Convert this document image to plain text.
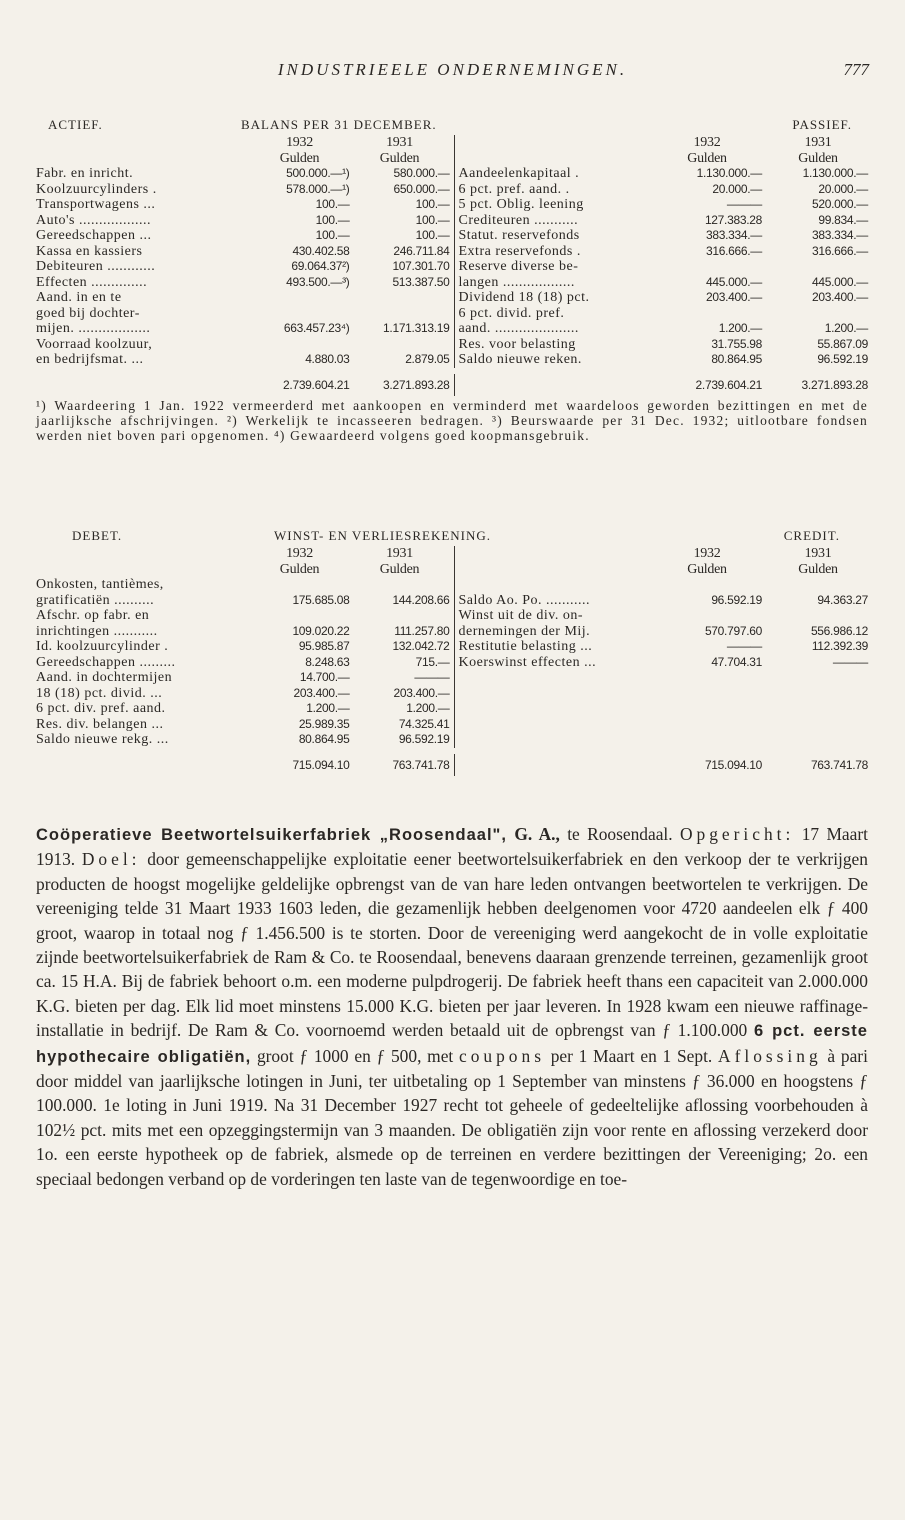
INDUSTRIEELE ONDERNEMINGEN.	777
ACTIEF.	BALANS PER 31 DECEMBER.	PASSIEF.
1932	1931
Gulden	Gulden
Fabr. en inricht.	500.000.—¹)	580.000.—
Koolzuurcylinders .	578.000.—¹)	650.000.—
Transportwagens ...	100.—	100.—
Auto's ..................	100.—	100.—
Gereedschappen ...	100.—	100.—
Kassa en kassiers	430.402.58	246.711.84
Debiteuren ............	69.064.37²)	107.301.70
Effecten ..............	493.500.—³)	513.387.50
Aand. in en te
goed bij dochter-
mijen. ..................	663.457.23⁴)	1.171.313.19
Voorraad koolzuur,
en bedrijfsmat. ...	4.880.03	2.879.05
1932	1931
Gulden	Gulden
Aandeelenkapitaal .	1.130.000.—	1.130.000.—
6 pct. pref. aand. .	20.000.—	20.000.—
5 pct. Oblig. leening	———	520.000.—
Crediteuren ...........	127.383.28	99.834.—
Statut. reservefonds	383.334.—	383.334.—
Extra reservefonds .	316.666.—	316.666.—
Reserve diverse be-
langen ..................	445.000.—	445.000.—
Dividend 18 (18) pct.	203.400.—	203.400.—
6 pct. divid. pref.
aand. .....................	1.200.—	1.200.—
Res. voor belasting	31.755.98	55.867.09
Saldo nieuwe reken.	80.864.95	96.592.19
2.739.604.21	3.271.893.28	2.739.604.21	3.271.893.28
¹) Waardeering 1 Jan. 1922 vermeerderd met aankoopen en verminderd met waardeloos geworden bezittingen en met de jaarlijksche afschrijvingen. ²) Werkelijk te incasseeren bedragen. ³) Beurswaarde per 31 Dec. 1932; uitlootbare fondsen werden niet boven pari opgenomen. ⁴) Gewaardeerd volgens goed koopmansgebruik.
DEBET.	WINST- EN VERLIESREKENING.	CREDIT.
1932	1931
Gulden	Gulden
Onkosten, tantièmes,
gratificatiën ..........	175.685.08	144.208.66
Afschr. op fabr. en
inrichtingen ...........	109.020.22	111.257.80
Id. koolzuurcylinder .	95.985.87	132.042.72
Gereedschappen .........	8.248.63	715.—
Aand. in dochtermijen	14.700.—	———
18 (18) pct. divid. ...	203.400.—	203.400.—
6 pct. div. pref. aand.	1.200.—	1.200.—
Res. div. belangen ...	25.989.35	74.325.41
Saldo nieuwe rekg. ...	80.864.95	96.592.19
1932	1931
Gulden	Gulden
Saldo Ao. Po. ...........	96.592.19	94.363.27
Winst uit de div. on-
dernemingen der Mij.	570.797.60	556.986.12
Restitutie belasting ...	———	112.392.39
Koerswinst effecten ...	47.704.31	———
715.094.10	763.741.78	715.094.10	763.741.78
Coöperatieve Beetwortelsuikerfabriek „Roosendaal", G. A., te Roosendaal. Opgericht: 17 Maart 1913. Doel: door gemeenschappelijke exploitatie eener beetwortelsuikerfabriek en den verkoop der te verkrijgen producten de hoogst mogelijke geldelijke opbrengst van de van hare leden ontvangen beetwortelen te verkrijgen. De vereeniging telde 31 Maart 1933 1603 leden, die gezamenlijk hebben deelgenomen voor 4720 aandeelen elk ƒ 400 groot, waarop in totaal nog ƒ 1.456.500 is te storten. Door de vereeniging werd aangekocht de in volle exploitatie zijnde beetwortelsuikerfabriek de Ram & Co. te Roosendaal, benevens daaraan grenzende terreinen, gezamenlijk groot ca. 15 H.A. Bij de fabriek behoort o.m. een moderne pulpdrogerij. De fabriek heeft thans een capaciteit van 2.000.000 K.G. bieten per dag. Elk lid moet minstens 15.000 K.G. bieten per jaar leveren. In 1928 kwam een nieuwe raffinage-installatie in bedrijf. De Ram & Co. voornoemd werden betaald uit de opbrengst van ƒ 1.100.000 6 pct. eerste hypothecaire obligatiën, groot ƒ 1000 en ƒ 500, met coupons per 1 Maart en 1 Sept. Aflossing à pari door middel van jaarlijksche lotingen in Juni, ter uitbetaling op 1 September van minstens ƒ 36.000 en hoogstens ƒ 100.000. 1e loting in Juni 1919. Na 31 December 1927 recht tot geheele of gedeeltelijke aflossing voorbehouden à 102½ pct. mits met een opzeggingstermijn van 3 maanden. De obligatiën zijn voor rente en aflossing verzekerd door 1o. een eerste hypotheek op de fabriek, alsmede op de terreinen en verdere bezittingen der Vereeniging; 2o. een speciaal bedongen verband op de vorderingen ten laste van de tegenwoordige en toe-
